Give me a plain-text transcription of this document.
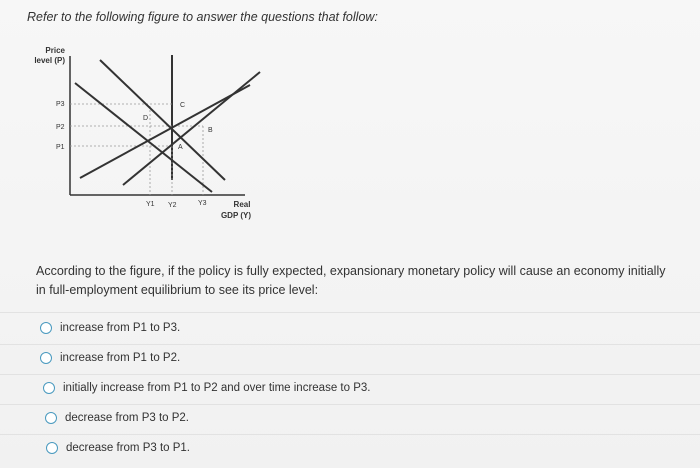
Refer to the following figure to answer the questions that follow:
Price
level (P)
Real
GDP (Y)
D
C
B
A
P3
P2
P1
Y1 Y2	Y3
According to the figure, if the policy is fully expected, expansionary monetary policy will cause an economy initially in full-employment equilibrium to see its price level:
increase from P1 to P3.
increase from P1 to P2.
initially increase from P1 to P2 and over time increase to P3.
decrease from P3 to P2.
decrease from P3 to P1.
